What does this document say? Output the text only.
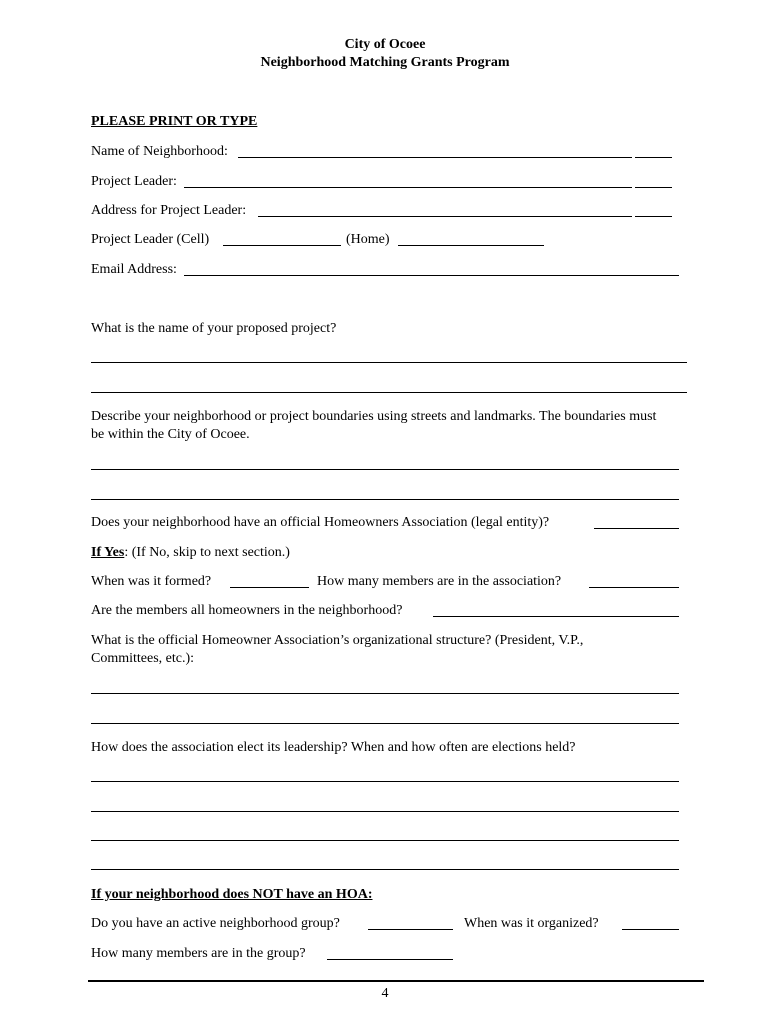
City of Ocoee
Neighborhood Matching Grants Program
PLEASE PRINT OR TYPE
Name of Neighborhood:
Project Leader:
Address for Project Leader:
Project Leader (Cell)	(Home)
Email Address:
What is the name of your proposed project?
Describe your neighborhood or project boundaries using streets and landmarks. The boundaries must
be within the City of Ocoee.
Does your neighborhood have an official Homeowners Association (legal entity)?
If Yes: (If No, skip to next section.)
When was it formed?	How many members are in the association?
Are the members all homeowners in the neighborhood?
What is the official Homeowner Association’s organizational structure? (President, V.P.,
Committees, etc.):
How does the association elect its leadership? When and how often are elections held?
If your neighborhood does NOT have an HOA:
Do you have an active neighborhood group?	When was it organized?
How many members are in the group?
4
